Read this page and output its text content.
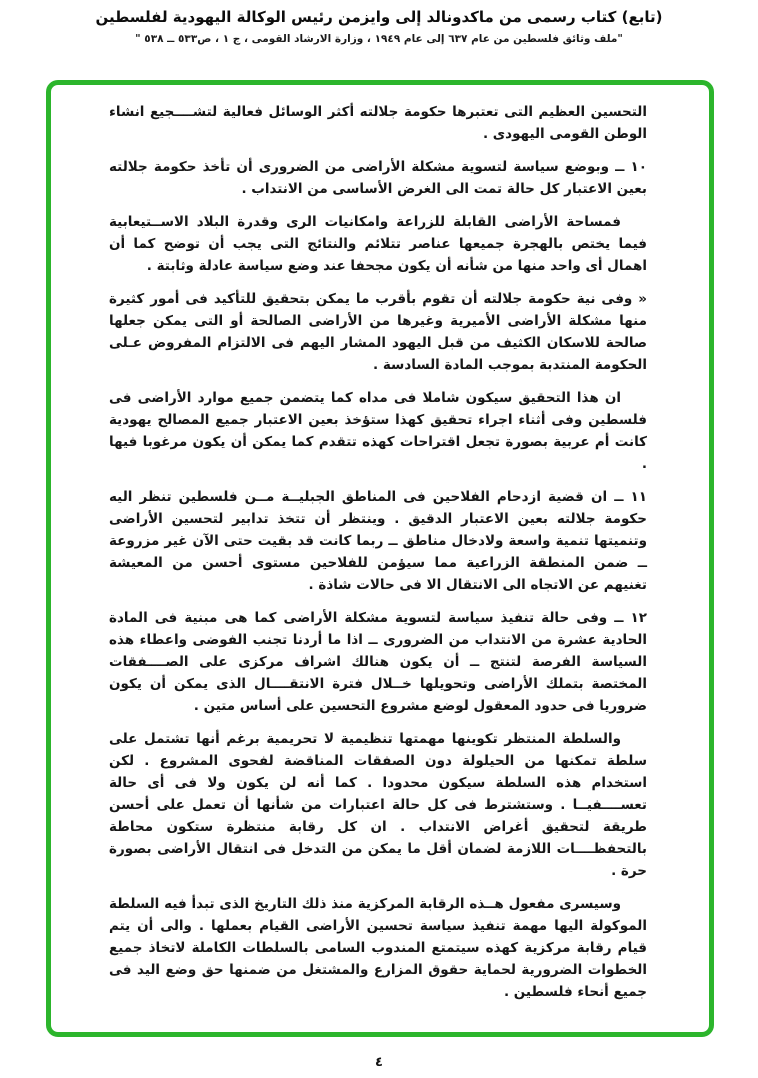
(تابع) كتاب رسمى من ماكدونالد إلى وايزمن رئيس الوكالة اليهودية لفلسطين
"ملف وثائق فلسطين من عام ٦٣٧ إلى عام ١٩٤٩ ، وزارة الارشاد القومى ، ج ١ ، ص٥٣٣ ــ ٥٣٨ "

التحسين العظيم التى تعتبرها حكومة جلالته أكثر الوسائل فعالية لتشــــجيع انشاء الوطن القومى اليهودى .

١٠ ــ وبوضع سياسة لتسوية مشكلة الأراضى من الضرورى أن تأخذ حكومة جلالته بعين الاعتبار كل حالة تمت الى الغرض الأساسى من الانتداب .

فمساحة الأراضى القابلة للزراعة وامكانيات الرى وقدرة البلاد الاســتيعابية فيما يختص بالهجرة جميعها عناصر تتلائم والنتائج التى يجب أن توضح كما أن اهمال أى واحد منها من شأنه أن يكون مجحفا عند وضع سياسة عادلة وثابتة .

« وفى نية حكومة جلالته أن تقوم بأقرب ما يمكن بتحقيق للتأكيد فى أمور كثيرة منها مشكلة الأراضى الأميرية وغيرها من الأراضى الصالحة أو التى يمكن جعلها صالحة للاسكان الكثيف من قبل اليهود المشار اليهم فى الالتزام المفروض عـلى الحكومة المنتدبة بموجب المادة السادسة .

ان هذا التحقيق سيكون شاملا فى مداه كما يتضمن جميع موارد الأراضى فى فلسطين وفى أثناء اجراء تحقيق كهذا ستؤخذ بعين الاعتبار جميع المصالح يهودية كانت أم عربية بصورة تجعل اقتراحات كهذه تتقدم كما يمكن أن يكون مرغوبا فيها .

١١ ــ ان قضية ازدحام الفلاحين فى المناطق الجبليــة مــن فلسطين تنظر اليه حكومة جلالته بعين الاعتبار الدقيق . وينتظر أن تتخذ تدابير لتحسين الأراضى وتنميتها تنمية واسعة ولادخال مناطق ــ ربما كانت قد بقيت حتى الآن غير مزروعة ــ ضمن المنطقة الزراعية مما سيؤمن للفلاحين مستوى أحسن من المعيشة تغنيهم عن الاتجاه الى الانتقال الا فى حالات شاذة .

١٢ ــ وفى حالة تنفيذ سياسة لتسوية مشكلة الأراضى كما هى مبنية فى المادة الحادية عشرة من الانتداب من الضرورى ــ اذا ما أردنا تجنب الفوضى واعطاء هذه السياسة الفرصة لتنتج ــ أن يكون هنالك اشراف مركزى على الصــــفقات المختصة بتملك الأراضى وتحويلها خــلال فترة الانتقــــال الذى يمكن أن يكون ضروريا فى حدود المعقول لوضع مشروع التحسين على أساس متين .

والسلطة المنتظر تكوينها مهمتها تنظيمية لا تحريمية برغم أنها تشتمل على سلطة تمكنها من الحيلولة دون الصفقات المناقضة لفحوى المشروع . لكن استخدام هذه السلطة سيكون محدودا . كما أنه لن يكون ولا فى أى حالة تعســــفيــا . وستشترط فى كل حالة اعتبارات من شأنها أن تعمل على أحسن طريقة لتحقيق أغراض الانتداب . ان كل رقابة منتظرة ستكون محاطة بالتحفظــــات اللازمة لضمان أقل ما يمكن من التدخل فى انتقال الأراضى بصورة حرة .

وسيسرى مفعول هــذه الرقابة المركزية منذ ذلك التاريخ الذى تبدأ فيه السلطة الموكولة اليها مهمة تنفيذ سياسة تحسين الأراضى القيام بعملها . والى أن يتم قيام رقابة مركزية كهذه سيتمتع المندوب السامى بالسلطات الكاملة لاتخاذ جميع الخطوات الضرورية لحماية حقوق المزارع والمشتغل من ضمنها حق وضع اليد فى جميع أنحاء فلسطين .

٤
